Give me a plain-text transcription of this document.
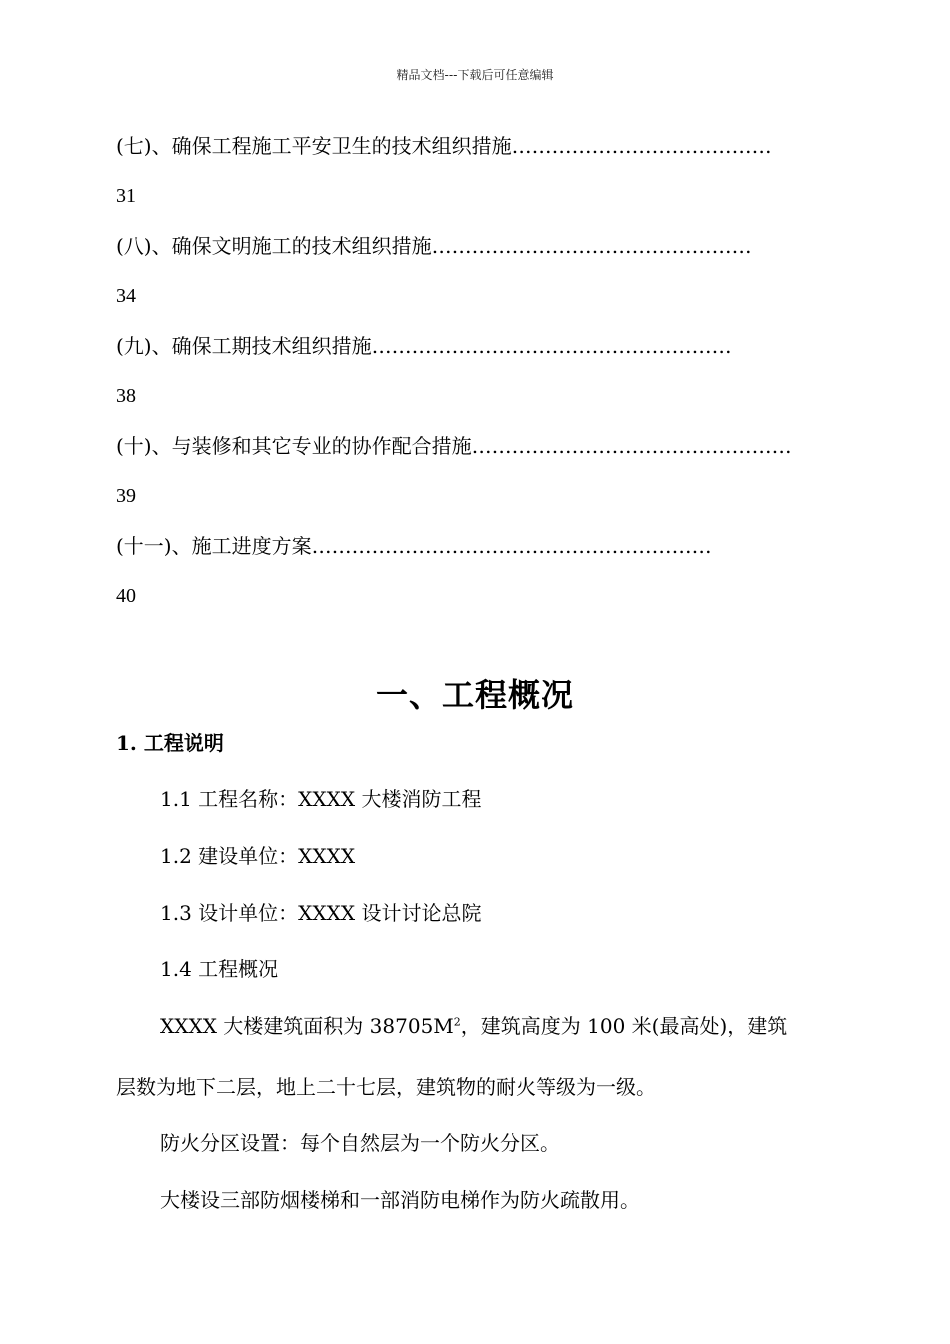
精品文档---下载后可任意编辑
(七)、确保工程施工平安卫生的技术组织措施…………………………………
31
(八)、确保文明施工的技术组织措施…………………………………………
34
(九)、确保工期技术组织措施………………………………………………
38
(十)、与装修和其它专业的协作配合措施…………………………………………
39
(十一)、施工进度方案……………………………………………………
40
一、工程概况
1. 工程说明
1.1 工程名称：XXXX 大楼消防工程
1.2 建设单位：XXXX
1.3 设计单位：XXXX 设计讨论总院
1.4 工程概况
XXXX 大楼建筑面积为 $38705M^2$，建筑高度为 100 米(最高处)，建筑
层数为地下二层，地上二十七层，建筑物的耐火等级为一级。
防火分区设置：每个自然层为一个防火分区。
大楼设三部防烟楼梯和一部消防电梯作为防火疏散用。
